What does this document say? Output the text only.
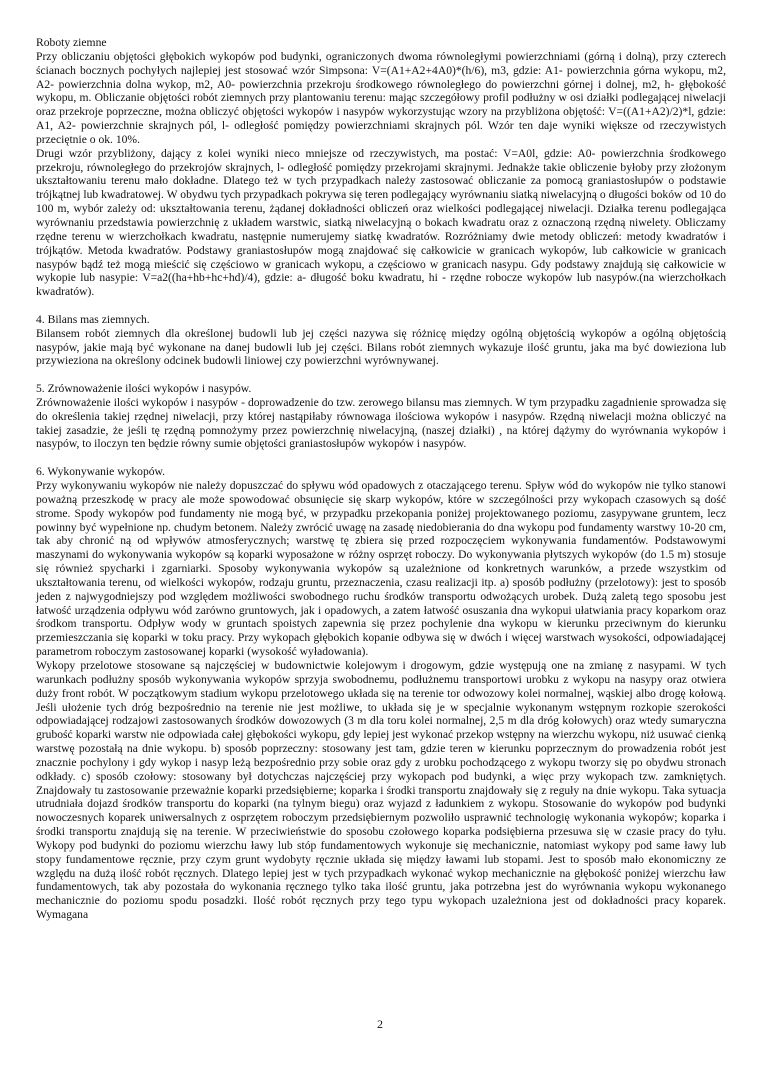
Roboty ziemne

Przy obliczaniu objętości głębokich wykopów pod budynki, ograniczonych dwoma równoległymi powierzchniami (górną i dolną), przy czterech ścianach bocznych pochyłych najlepiej jest stosować wzór Simpsona: V=(A1+A2+4A0)*(h/6), m3, gdzie: A1- powierzchnia górna wykopu, m2, A2- powierzchnia dolna wykop, m2, A0- powierzchnia przekroju środkowego równoległego do powierzchni górnej i dolnej, m2, h- głębokość wykopu, m. Obliczanie objętości robót ziemnych przy plantowaniu terenu: mając szczegółowy profil podłużny w osi działki podlegającej niwelacji oraz przekroje poprzeczne, można obliczyć objętości wykopów i nasypów wykorzystując wzory na przybliżona objętość: V=((A1+A2)/2)*l, gdzie: A1, A2- powierzchnie skrajnych pól, l- odległość pomiędzy powierzchniami skrajnych pól. Wzór ten daje wyniki większe od rzeczywistych przeciętnie o ok. 10%.

Drugi wzór przybliżony, dający z kolei wyniki nieco mniejsze od rzeczywistych, ma postać: V=A0l, gdzie: A0- powierzchnia środkowego przekroju, równoległego do przekrojów skrajnych, l- odległość pomiędzy przekrojami skrajnymi. Jednakże takie obliczenie byłoby przy złożonym ukształtowaniu terenu mało dokładne. Dlatego też w tych przypadkach należy zastosować obliczanie za pomocą graniastosłupów o podstawie trójkątnej lub kwadratowej. W obydwu tych przypadkach pokrywa się teren podlegający wyrównaniu siatką niwelacyjną o długości boków od 10 do 100 m, wybór zależy od: ukształtowania terenu, żądanej dokładności obliczeń oraz wielkości podlegającej niwelacji. Działka terenu podlegająca wyrównaniu przedstawia powierzchnię z układem warstwic, siatką niwelacyjną o bokach kwadratu oraz z oznaczoną rzędną niwelety. Obliczamy rzędne terenu w wierzchołkach kwadratu, następnie numerujemy siatkę kwadratów. Rozróżniamy dwie metody obliczeń: metody kwadratów i trójkątów. Metoda kwadratów. Podstawy graniastosłupów mogą znajdować się całkowicie w granicach wykopów, lub całkowicie w granicach nasypów bądź też mogą mieścić się częściowo w granicach wykopu, a częściowo w granicach nasypu. Gdy podstawy znajdują się całkowicie w wykopie lub nasypie: V=a2((ha+hb+hc+hd)/4), gdzie: a- długość boku kwadratu, hi - rzędne robocze wykopów lub nasypów.(na wierzchołkach kwadratów).

4. Bilans mas ziemnych.

Bilansem robót ziemnych dla określonej budowli lub jej części nazywa się różnicę między ogólną objętością wykopów a ogólną objętością nasypów, jakie mają być wykonane na danej budowli lub jej części. Bilans robót ziemnych wykazuje ilość gruntu, jaka ma być dowieziona lub przywieziona na określony odcinek budowli liniowej czy powierzchni wyrównywanej.

5. Zrównoważenie ilości wykopów i nasypów.

Zrównoważenie ilości wykopów i nasypów - doprowadzenie do tzw. zerowego bilansu mas ziemnych. W tym przypadku zagadnienie sprowadza się do określenia takiej rzędnej niwelacji, przy której nastąpiłaby równowaga ilościowa wykopów i nasypów. Rzędną niwelacji można obliczyć na takiej zasadzie, że jeśli tę rzędną pomnożymy przez powierzchnię niwelacyjną, (naszej działki) , na której dążymy do wyrównania wykopów i nasypów, to iloczyn ten będzie równy sumie objętości graniastosłupów wykopów i nasypów.

6. Wykonywanie wykopów.

Przy wykonywaniu wykopów nie należy dopuszczać do spływu wód opadowych z otaczającego terenu. Spływ wód do wykopów nie tylko stanowi poważną przeszkodę w pracy ale może spowodować obsunięcie się skarp wykopów, które w szczególności przy wykopach czasowych są dość strome. Spody wykopów pod fundamenty nie mogą być, w przypadku przekopania poniżej projektowanego poziomu, zasypywane gruntem, lecz powinny być wypełnione np. chudym betonem. Należy zwrócić uwagę na zasadę niedobierania do dna wykopu pod fundamenty warstwy 10-20 cm, tak aby chronić ną od wpływów atmosferycznych; warstwę tę zbiera się przed rozpoczęciem wykonywania fundamentów. Podstawowymi maszynami do wykonywania wykopów są koparki wyposażone w różny osprzęt roboczy. Do wykonywania płytszych wykopów (do 1.5 m) stosuje się również spycharki i zgarniarki. Sposoby wykonywania wykopów są uzależnione od konkretnych warunków, a przede wszystkim od ukształtowania terenu, od wielkości wykopów, rodzaju gruntu, przeznaczenia, czasu realizacji itp. a) sposób podłużny (przelotowy): jest to sposób jeden z najwygodniejszy pod względem możliwości swobodnego ruchu środków transportu odwożących urobek. Dużą zaletą tego sposobu jest łatwość urządzenia odpływu wód zarówno gruntowych, jak i opadowych, a zatem łatwość osuszania dna wykopui ułatwiania pracy koparkom oraz środkom transportu. Odpływ wody w gruntach spoistych zapewnia się przez pochylenie dna wykopu w kierunku przeciwnym do kierunku przemieszczania się koparki w toku pracy. Przy wykopach głębokich kopanie odbywa się w dwóch i więcej warstwach wysokości, odpowiadającej parametrom roboczym zastosowanej koparki (wysokość wyładowania).

Wykopy przelotowe stosowane są najczęściej w budownictwie kolejowym i drogowym, gdzie występują one na zmianę z nasypami. W tych warunkach podłużny sposób wykonywania wykopów sprzyja swobodnemu, podłużnemu transportowi urobku z wykopu na nasypy oraz otwiera duży front robót. W początkowym stadium wykopu przelotowego układa się na terenie tor odwozowy kolei normalnej, wąskiej albo drogę kołową. Jeśli ułożenie tych dróg bezpośrednio na terenie nie jest możliwe, to układa się je w specjalnie wykonanym wstępnym rozkopie szerokości odpowiadającej rodzajowi zastosowanych środków dowozowych (3 m dla toru kolei normalnej, 2,5 m dla dróg kołowych) oraz wtedy sumaryczna grubość koparki warstw nie odpowiada całej głębokości wykopu, gdy lepiej jest wykonać przekop wstępny na wierzchu wykopu, niż usuwać cienką warstwę pozostałą na dnie wykopu. b) sposób poprzeczny: stosowany jest tam, gdzie teren w kierunku poprzecznym do prowadzenia robót jest znacznie pochylony i gdy wykop i nasyp leżą bezpośrednio przy sobie oraz gdy z urobku pochodzącego z wykopu tworzy się po obydwu stronach odkłady. c) sposób czołowy: stosowany był dotychczas najczęściej przy wykopach pod budynki, a więc przy wykopach tzw. zamkniętych. Znajdowały tu zastosowanie przeważnie koparki przedsiębierne; koparka i środki transportu znajdowały się z reguły na dnie wykopu. Taka sytuacja utrudniała dojazd środków transportu do koparki (na tylnym biegu) oraz wyjazd z ładunkiem z wykopu. Stosowanie do wykopów pod budynki nowoczesnych koparek uniwersalnych z osprzętem roboczym przedsiębiernym pozwoliło usprawnić technologię wykonania wykopów; koparka i środki transportu znajdują się na terenie. W przeciwieństwie do sposobu czołowego koparka podsiębierna przesuwa się w czasie pracy do tyłu. Wykopy pod budynki do poziomu wierzchu ławy lub stóp fundamentowych wykonuje się mechanicznie, natomiast wykopy pod same ławy lub stopy fundamentowe ręcznie, przy czym grunt wydobyty ręcznie układa się między ławami lub stopami. Jest to sposób mało ekonomiczny ze względu na dużą ilość robót ręcznych. Dlatego lepiej jest w tych przypadkach wykonać wykop mechanicznie na głębokość poniżej wierzchu ław fundamentowych, tak aby pozostała do wykonania ręcznego tylko taka ilość gruntu, jaka potrzebna jest do wyrównania wykopu wykonanego mechanicznie do poziomu spodu posadzki. Ilość robót ręcznych przy tego typu wykopach uzależniona jest od dokładności pracy koparek. Wymagana

2
